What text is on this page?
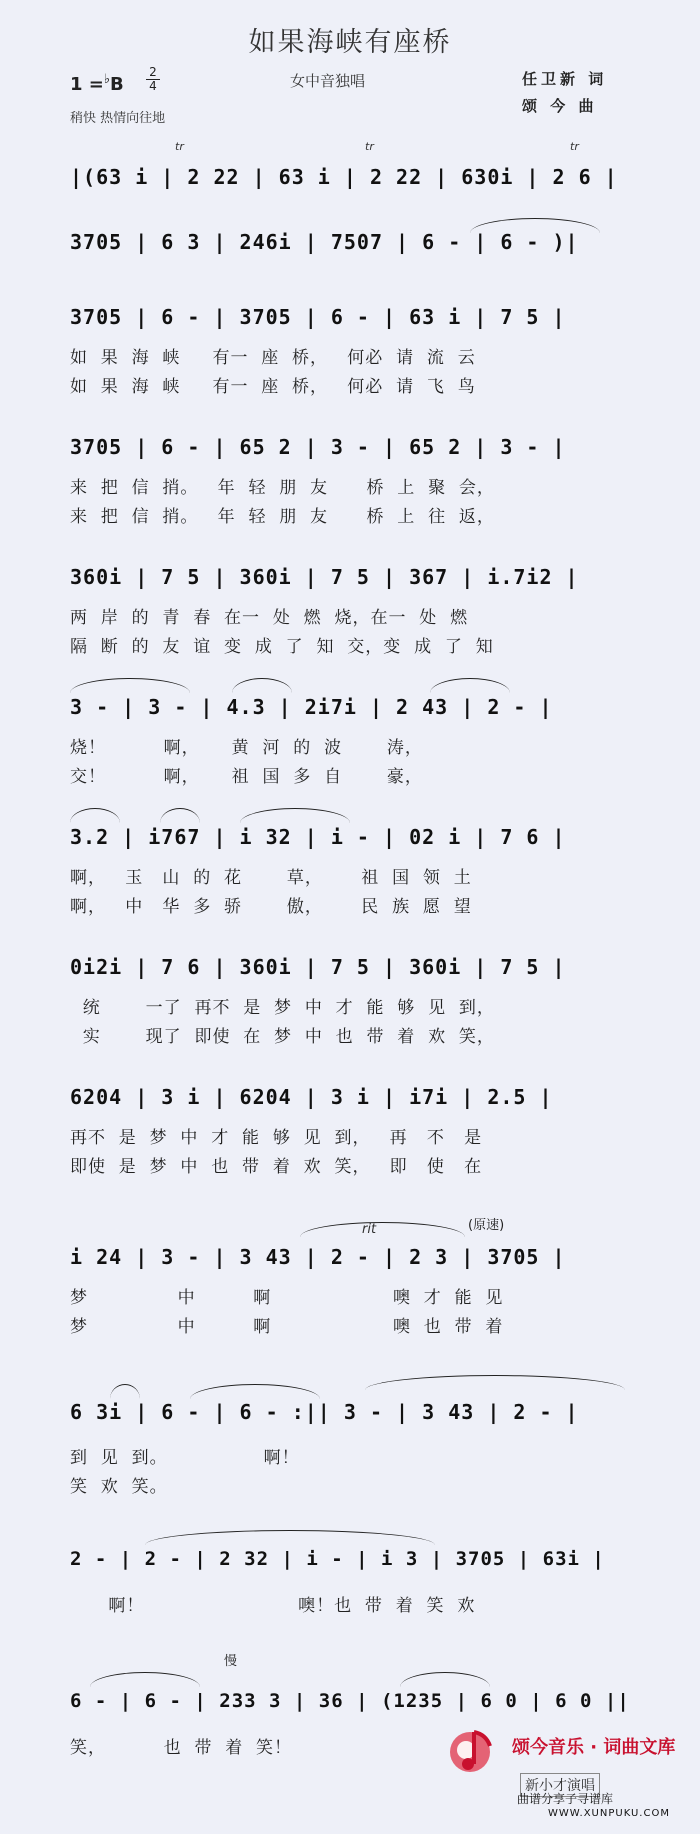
如果海峡有座桥
1 =♭B
2
4	女中音独唱
稍快 热情向往地
任卫新 词
颂 今 曲
tr	tr	tr
|(63 i | 2 22 | 63 i | 2 22 | 630i | 2 6 |
3705 | 6 3 | 246i | 7507 | 6 - | 6 - )|
3705 | 6 - | 3705 | 6 - | 63 i | 7 5 |
如  果  海  峡     有一  座  桥，   何必  请  流  云
如  果  海  峡     有一  座  桥，   何必  请  飞  鸟
3705 | 6 - | 65 2 | 3 - | 65 2 | 3 - |
来  把  信  捎。   年  轻  朋  友      桥  上  聚  会，
来  把  信  捎。   年  轻  朋  友      桥  上  往  返，
360i | 7 5 | 360i | 7 5 | 367 | i.7i2 |
两  岸  的  青  春  在一  处  燃  烧，在一  处  燃
隔  断  的  友  谊  变  成  了  知  交，变  成  了  知
3 - | 3 - | 4.3 | 2i7i | 2 43 | 2 - |
烧！         啊，     黄  河  的  波       涛，
交！         啊，     祖  国  多  自       豪，
3.2 | i767 | i 32 | i - | 02 i | 7 6 |
啊，   玉   山  的  花       草，      祖  国  领  土
啊，   中   华  多  骄       傲，      民  族  愿  望
0i2i | 7 6 | 360i | 7 5 | 360i | 7 5 |
统       一了  再不  是  梦  中  才  能  够  见  到，
实       现了  即使  在  梦  中  也  带  着  欢  笑，
6204 | 3 i | 6204 | 3 i | i7i | 2.5 |
再不  是  梦  中  才  能  够  见  到，   再   不   是
即使  是  梦  中  也  带  着  欢  笑，   即   使   在
rit	(原速)
i 24 | 3 - | 3 43 | 2 - | 2 3 | 3705 |
梦              中         啊                   噢  才  能  见
梦              中         啊                   噢  也  带  着
6 3i | 6 - | 6 - :|| 3 - | 3 43 | 2 - |
到  见  到。               啊！
笑  欢  笑。
2 - | 2 - | 2 32 | i - | i 3 | 3705 | 63i |
啊！                        噢！也  带  着  笑  欢
慢
6 - | 6 - | 233 3 | 36 | (1235 | 6 0 | 6 0 ||
笑，         也  带  着  笑！	颂今音乐 · 词曲文库
新小才演唱
曲谱分享子寻谱库
WWW.XUNPUKU.COM
